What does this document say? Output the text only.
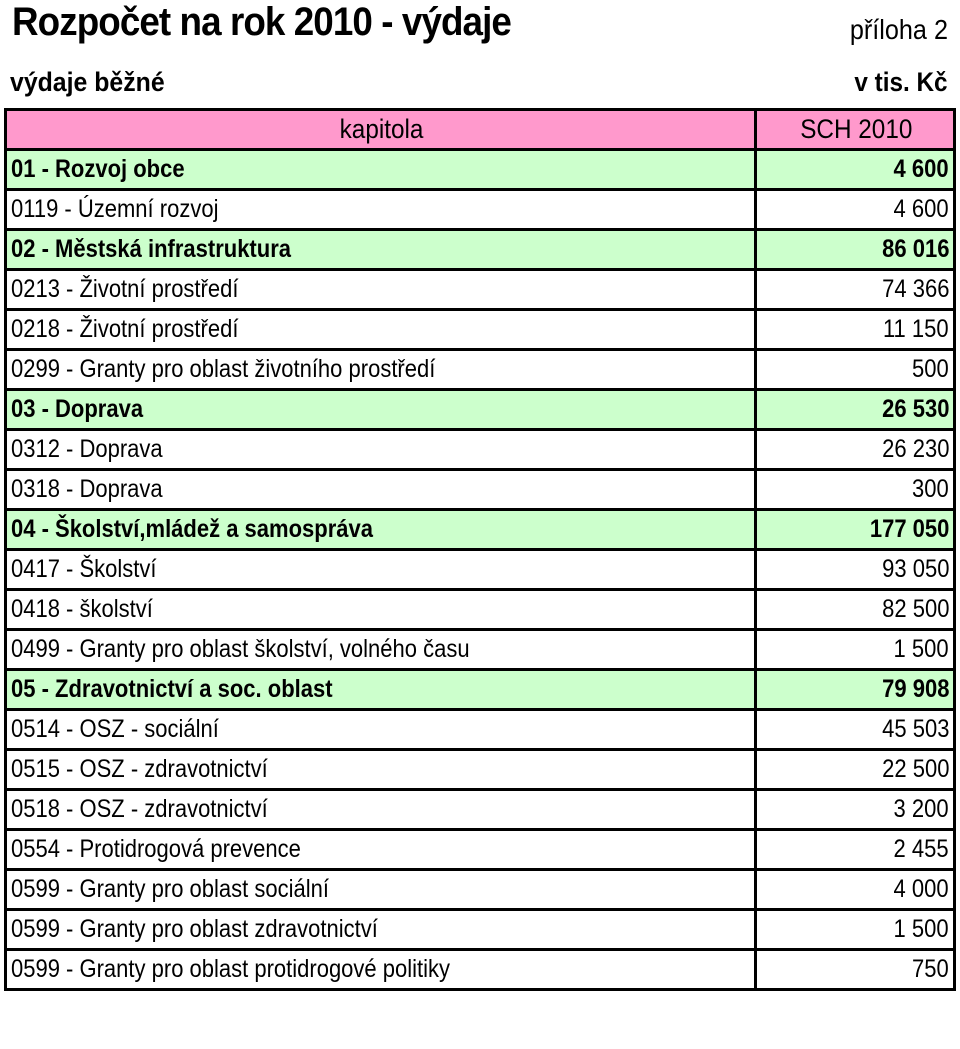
Rozpočet na rok 2010 - výdaje	příloha 2
výdaje běžné	v tis. Kč
kapitola	SCH 2010
01 - Rozvoj obce	4 600
0119 - Územní rozvoj	4 600
02 - Městská infrastruktura	86 016
0213 - Životní prostředí	74 366
0218 - Životní prostředí	11 150
0299 - Granty pro oblast životního prostředí	500
03 - Doprava	26 530
0312 - Doprava	26 230
0318 - Doprava	300
04 - Školství,mládež a samospráva	177 050
0417 - Školství	93 050
0418 - školství	82 500
0499 - Granty pro oblast školství, volného času	1 500
05 - Zdravotnictví a soc. oblast	79 908
0514 - OSZ - sociální	45 503
0515 - OSZ - zdravotnictví	22 500
0518 - OSZ - zdravotnictví	3 200
0554 - Protidrogová prevence	2 455
0599 - Granty pro oblast sociální	4 000
0599 - Granty pro oblast zdravotnictví	1 500
0599 - Granty pro oblast protidrogové politiky	750
